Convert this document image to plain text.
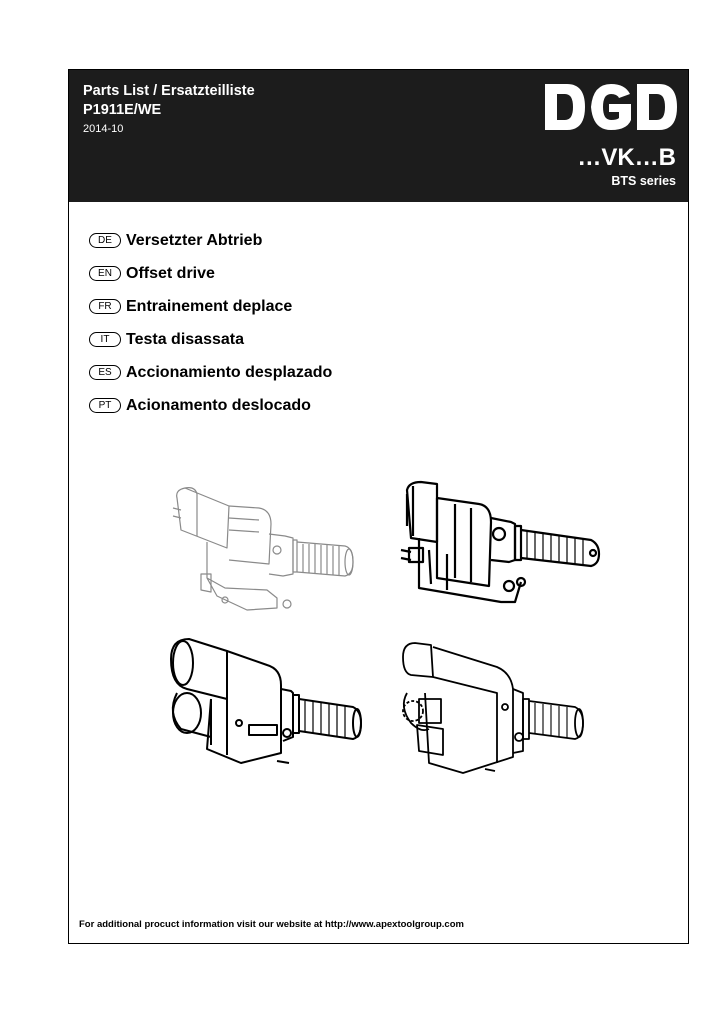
Parts List / Ersatzteilliste
P1911E/WE
2014-10
…VK…B
BTS series
DE Versetzter Abtrieb
EN Offset drive
FR Entrainement deplace
IT	Testa disassata
ES Accionamiento desplazado
PT Acionamento deslocado
For additional procuct information visit our website at http://www.apextoolgroup.com
